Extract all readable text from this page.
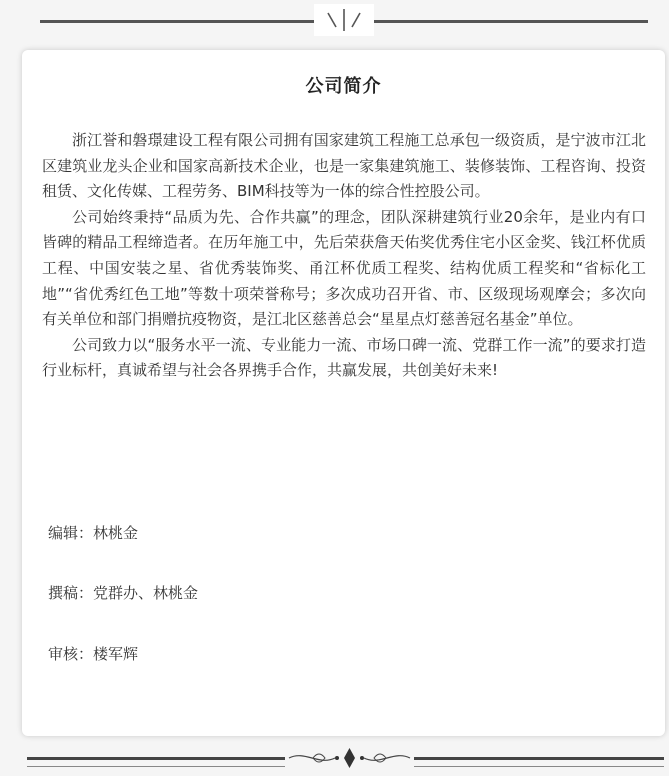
公司简介

浙江誉和磐璟建设工程有限公司拥有国家建筑工程施工总承包一级资质，是宁波市江北区建筑业龙头企业和国家高新技术企业，也是一家集建筑施工、装修装饰、工程咨询、投资租赁、文化传媒、工程劳务、BIM科技等为一体的综合性控股公司。

公司始终秉持“品质为先、合作共赢”的理念，团队深耕建筑行业20余年，是业内有口皆碑的精品工程缔造者。在历年施工中，先后荣获詹天佑奖优秀住宅小区金奖、钱江杯优质工程、中国安装之星、省优秀装饰奖、甬江杯优质工程奖、结构优质工程奖和“省标化工地”“省优秀红色工地”等数十项荣誉称号；多次成功召开省、市、区级现场观摩会；多次向有关单位和部门捐赠抗疫物资，是江北区慈善总会“星星点灯慈善冠名基金”单位。

公司致力以“服务水平一流、专业能力一流、市场口碑一流、党群工作一流”的要求打造行业标杆，真诚希望与社会各界携手合作，共赢发展，共创美好未来!

编辑：林桃金
撰稿：党群办、林桃金
审核：楼军辉
